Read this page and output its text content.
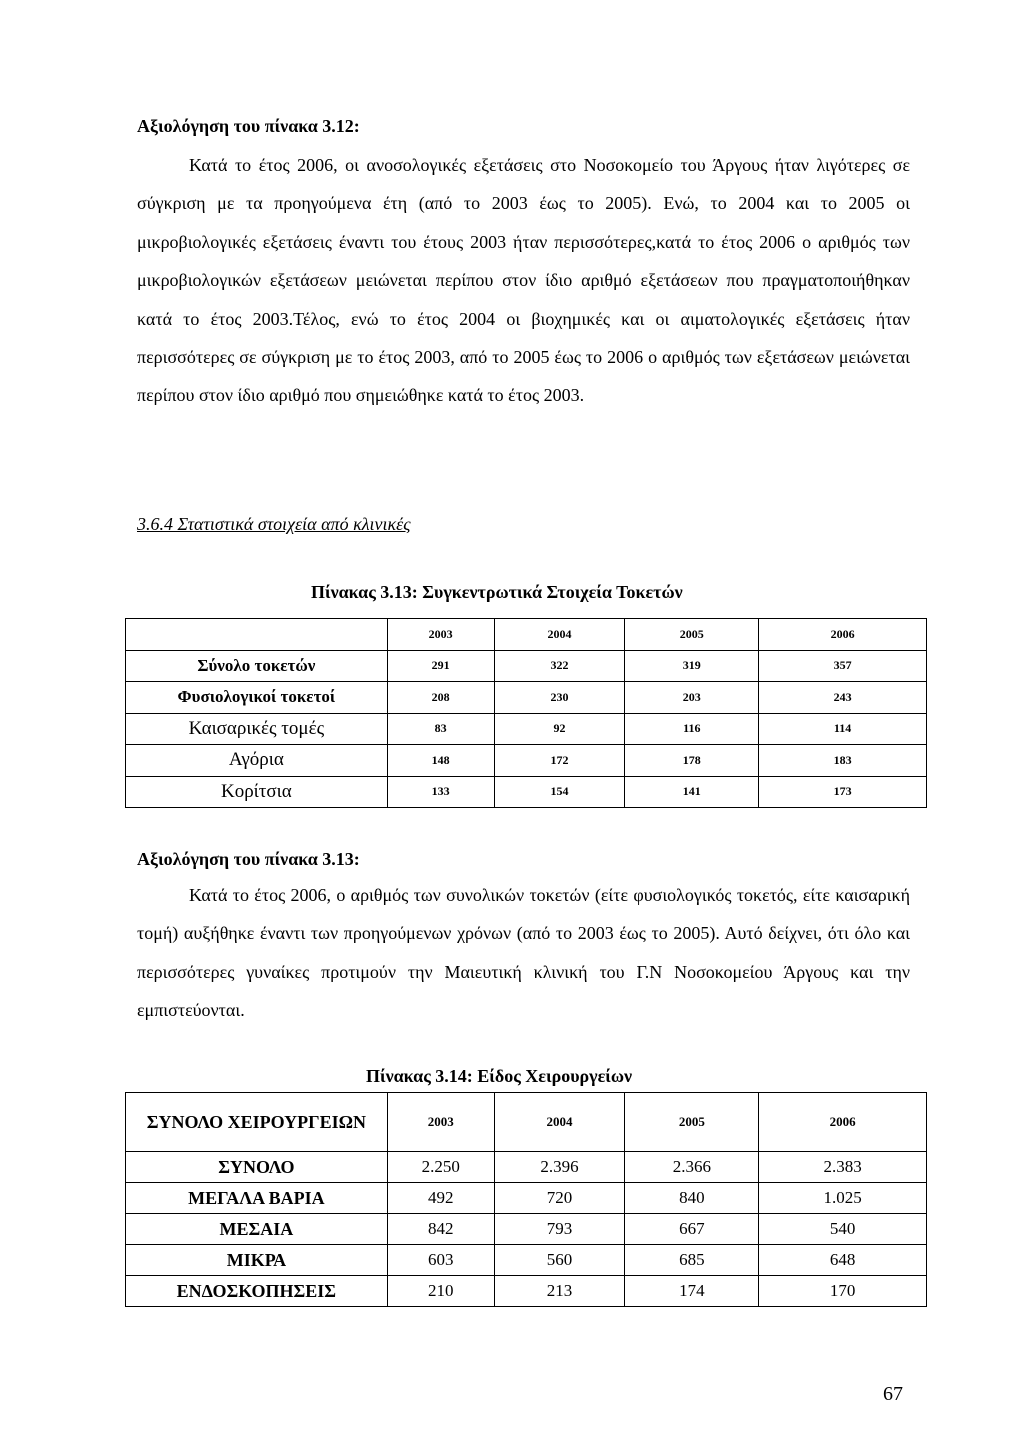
Αξιολόγηση του πίνακα 3.12:
Κατά το έτος 2006, οι ανοσολογικές εξετάσεις στο Νοσοκομείο του Άργους ήταν λιγότερες σε σύγκριση με τα προηγούμενα έτη (από το 2003 έως το 2005). Ενώ, το 2004 και το 2005 οι μικροβιολογικές εξετάσεις έναντι του έτους 2003 ήταν περισσότερες,κατά το έτος 2006 ο αριθμός των μικροβιολογικών εξετάσεων μειώνεται περίπου στον ίδιο αριθμό εξετάσεων που πραγματοποιήθηκαν κατά το έτος 2003.Τέλος, ενώ το έτος 2004 οι βιοχημικές και οι αιματολογικές εξετάσεις ήταν περισσότερες σε σύγκριση με το έτος 2003, από το 2005 έως το 2006 ο αριθμός των εξετάσεων μειώνεται περίπου στον ίδιο αριθμό που σημειώθηκε κατά το έτος 2003.
3.6.4 Στατιστικά στοιχεία από κλινικές
Πίνακας 3.13: Συγκεντρωτικά Στοιχεία Τοκετών
	2003	2004	2005	2006
Σύνολο τοκετών	291	322	319	357
Φυσιολογικοί τοκετοί	208	230	203	243
Καισαρικές τομές	83	92	116	114
Αγόρια	148	172	178	183
Κορίτσια	133	154	141	173
Αξιολόγηση του πίνακα 3.13:
Κατά το έτος 2006, ο αριθμός των συνολικών τοκετών (είτε φυσιολογικός τοκετός, είτε καισαρική τομή) αυξήθηκε έναντι των προηγούμενων χρόνων (από το 2003 έως το 2005). Αυτό δείχνει, ότι όλο και περισσότερες γυναίκες προτιμούν την Μαιευτική κλινική του Γ.Ν Νοσοκομείου Άργους και την εμπιστεύονται.
Πίνακας 3.14: Είδος Χειρουργείων
ΣΥΝΟΛΟ ΧΕΙΡΟΥΡΓΕΙΩΝ	2003	2004	2005	2006
ΣΥΝΟΛΟ	2.250	2.396	2.366	2.383
ΜΕΓΑΛΑ ΒΑΡΙΑ	492	720	840	1.025
ΜΕΣΑΙΑ	842	793	667	540
ΜΙΚΡΑ	603	560	685	648
ΕΝΔΟΣΚΟΠΗΣΕΙΣ	210	213	174	170
67
